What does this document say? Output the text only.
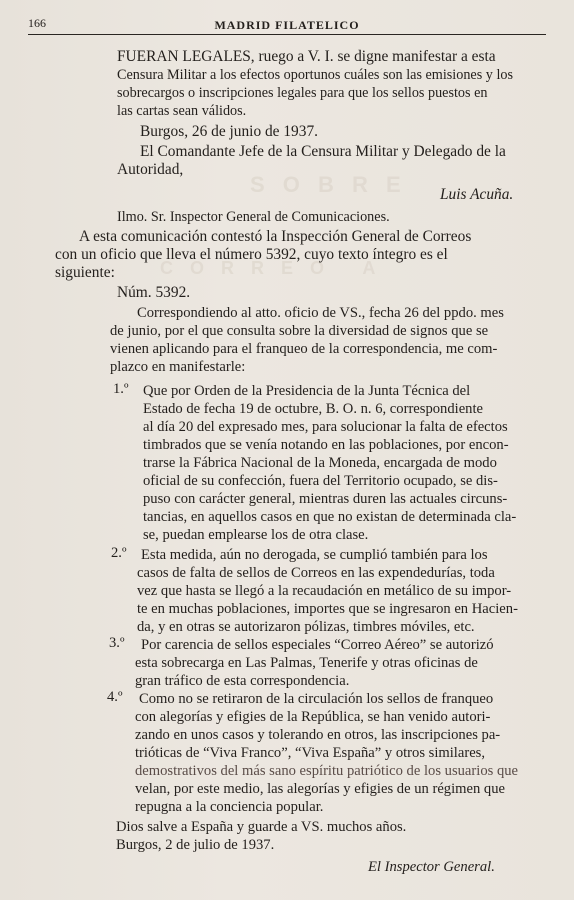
S O B R E
C O R R E O   A
166	MADRID FILATELICO
FUERAN LEGALES, ruego a V. I. se digne manifestar a esta
Censura Militar a los efectos oportunos cuáles son las emisiones y los
sobrecargos o inscripciones legales para que los sellos puestos en
las cartas sean válidos.
Burgos, 26 de junio de 1937.
El Comandante Jefe de la Censura Militar y Delegado de la
Autoridad,
Luis Acuña.
Ilmo. Sr. Inspector General de Comunicaciones.
A esta comunicación contestó la Inspección General de Correos
con un oficio que lleva el número 5392, cuyo texto íntegro es el
siguiente:
Núm. 5392.
Correspondiendo al atto. oficio de VS., fecha 26 del ppdo. mes
de junio, por el que consulta sobre la diversidad de signos que se
vienen aplicando para el franqueo de la correspondencia, me com-
plazco en manifestarle:
1.º Que por Orden de la Presidencia de la Junta Técnica del
Estado de fecha 19 de octubre, B. O. n. 6, correspondiente
al día 20 del expresado mes, para solucionar la falta de efectos
timbrados que se venía notando en las poblaciones, por encon-
trarse la Fábrica Nacional de la Moneda, encargada de modo
oficial de su confección, fuera del Territorio ocupado, se dis-
puso con carácter general, mientras duren las actuales circuns-
tancias, en aquellos casos en que no existan de determinada cla-
se, puedan emplearse los de otra clase.
2.º Esta medida, aún no derogada, se cumplió también para los
casos de falta de sellos de Correos en las expendedurías, toda
vez que hasta se llegó a la recaudación en metálico de su impor-
te en muchas poblaciones, importes que se ingresaron en Hacien-
da, y en otras se autorizaron pólizas, timbres móviles, etc.
3.º Por carencia de sellos especiales “Correo Aéreo” se autorizó
esta sobrecarga en Las Palmas, Tenerife y otras oficinas de
gran tráfico de esta correspondencia.
4.º Como no se retiraron de la circulación los sellos de franqueo
con alegorías y efigies de la República, se han venido autori-
zando en unos casos y tolerando en otros, las inscripciones pa-
trióticas de “Viva Franco”, “Viva España” y otros similares,
demostrativos del más sano espíritu patriótico de los usuarios que
velan, por este medio, las alegorías y efigies de un régimen que
repugna a la conciencia popular.
Dios salve a España y guarde a VS. muchos años.
Burgos, 2 de julio de 1937.
El Inspector General.
